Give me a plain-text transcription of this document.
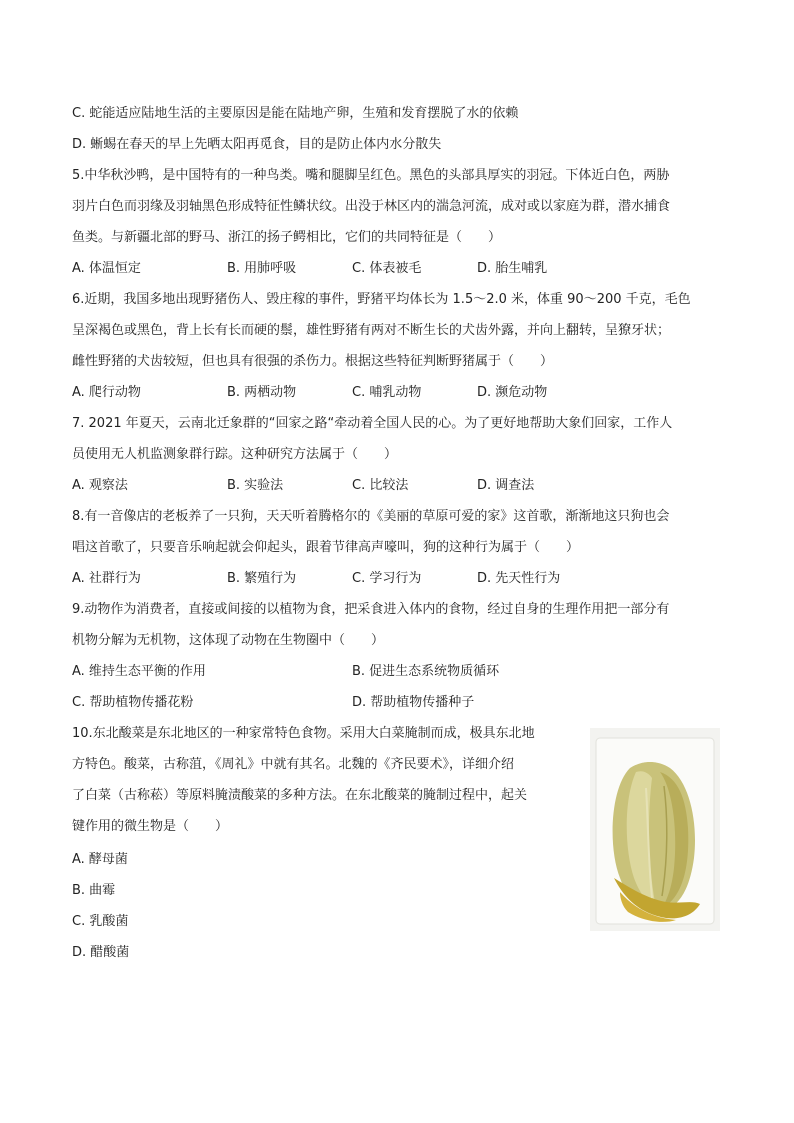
C. 蛇能适应陆地生活的主要原因是能在陆地产卵，生殖和发育摆脱了水的依赖
D. 蜥蜴在春天的早上先晒太阳再觅食，目的是防止体内水分散失
5.中华秋沙鸭，是中国特有的一种鸟类。嘴和腿脚呈红色。黑色的头部具厚实的羽冠。下体近白色，两胁
羽片白色而羽缘及羽轴黑色形成特征性鳞状纹。出没于林区内的湍急河流，成对或以家庭为群，潜水捕食
鱼类。与新疆北部的野马、浙江的扬子鳄相比，它们的共同特征是（　　）
A. 体温恒定	B. 用肺呼吸	C. 体表被毛	D. 胎生哺乳
6.近期，我国多地出现野猪伤人、毁庄稼的事件，野猪平均体长为 1.5～2.0 米，体重 90～200 千克，毛色
呈深褐色或黑色，背上长有长而硬的鬃，雄性野猪有两对不断生长的犬齿外露，并向上翻转，呈獠牙状；
雌性野猪的犬齿较短，但也具有很强的杀伤力。根据这些特征判断野猪属于（　　）
A. 爬行动物	B. 两栖动物	C. 哺乳动物	D. 濒危动物
7. 2021 年夏天，云南北迁象群的“回家之路“牵动着全国人民的心。为了更好地帮助大象们回家，工作人
员使用无人机监测象群行踪。这种研究方法属于（　　）
A. 观察法	B. 实验法	C. 比较法	D. 调查法
8.有一音像店的老板养了一只狗，天天听着腾格尔的《美丽的草原可爱的家》这首歌，渐渐地这只狗也会
唱这首歌了，只要音乐响起就会仰起头，跟着节律高声嚎叫，狗的这种行为属于（　　）
A. 社群行为	B. 繁殖行为	C. 学习行为	D. 先天性行为
9.动物作为消费者，直接或间接的以植物为食，把采食进入体内的食物，经过自身的生理作用把一部分有
机物分解为无机物，这体现了动物在生物圈中（　　）
A. 维持生态平衡的作用	B. 促进生态系统物质循环
C. 帮助植物传播花粉	D. 帮助植物传播种子
10.东北酸菜是东北地区的一种家常特色食物。采用大白菜腌制而成，极具东北地
方特色。酸菜，古称菹，《周礼》中就有其名。北魏的《齐民要术》，详细介绍
了白菜（古称菘）等原料腌渍酸菜的多种方法。在东北酸菜的腌制过程中，起关
键作用的微生物是（　　）
A. 酵母菌
B. 曲霉
C. 乳酸菌
D. 醋酸菌
